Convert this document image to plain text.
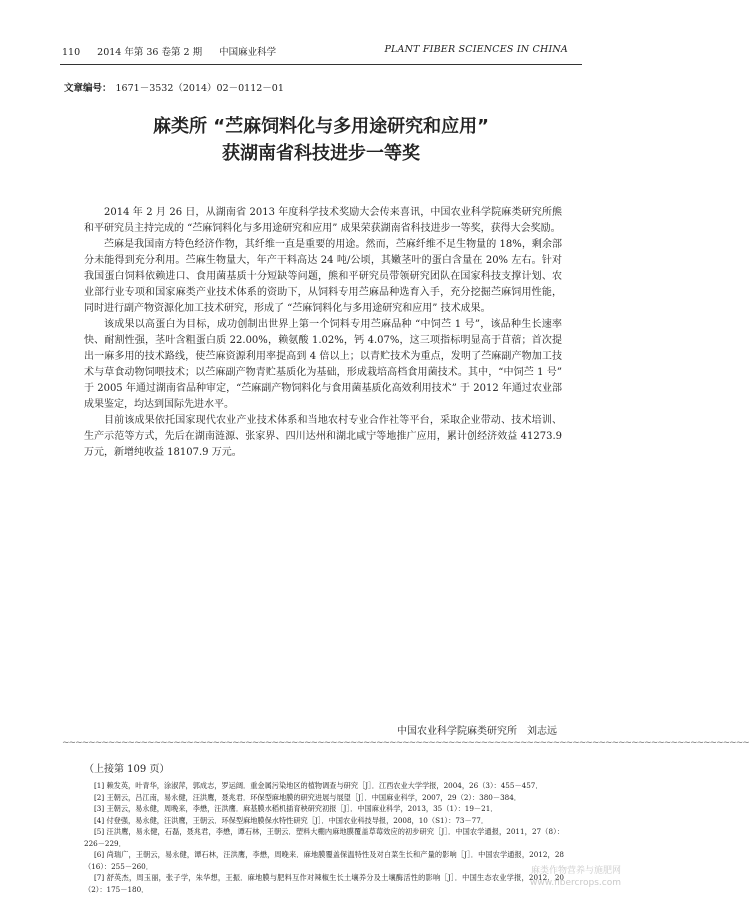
110 2014 年第 36 卷第 2 期 中国麻业科学	PLANT FIBER SCIENCES IN CHINA
文章编号： 1671－3532（2014）02－0112－01
麻类所 “苎麻饲料化与多用途研究和应用”
获湖南省科技进步一等奖

2014 年 2 月 26 日，从湖南省 2013 年度科学技术奖励大会传来喜讯，中国农业科学院麻类研究所熊和平研究员主持完成的 “苎麻饲料化与多用途研究和应用” 成果荣获湖南省科技进步一等奖，获得大会奖励。

苎麻是我国南方特色经济作物，其纤维一直是重要的用途。然而，苎麻纤维不足生物量的 18%，剩余部分未能得到充分利用。苎麻生物量大，年产干料高达 24 吨/公顷，其嫩茎叶的蛋白含量在 20% 左右。针对我国蛋白饲料依赖进口、食用菌基质十分短缺等问题，熊和平研究员带领研究团队在国家科技支撑计划、农业部行业专项和国家麻类产业技术体系的资助下，从饲料专用苎麻品种选育入手，充分挖掘苎麻饲用性能，同时进行副产物资源化加工技术研究，形成了 “苎麻饲料化与多用途研究和应用” 技术成果。

该成果以高蛋白为目标，成功创制出世界上第一个饲料专用苎麻品种 “中饲苎 1 号”，该品种生长速率快、耐割性强，茎叶含粗蛋白质 22.00%，赖氨酸 1.02%，钙 4.07%，这三项指标明显高于苜蓿；首次提出一麻多用的技术路线，使苎麻资源利用率提高到 4 倍以上；以青贮技术为重点，发明了苎麻副产物加工技术与草食动物饲喂技术；以苎麻副产物青贮基质化为基础，形成栽培高档食用菌技术。其中，“中饲苎 1 号” 于 2005 年通过湖南省品种审定，“苎麻副产物饲料化与食用菌基质化高效利用技术” 于 2012 年通过农业部成果鉴定，均达到国际先进水平。

目前该成果依托国家现代农业产业技术体系和当地农村专业合作社等平台，采取企业带动、技术培训、生产示范等方式，先后在湖南涟源、张家界、四川达州和湖北咸宁等地推广应用，累计创经济效益 41273.9 万元，新增纯收益 18107.9 万元。

中国农业科学院麻类研究所　刘志远
~~~~~~~~~~~~~~~~~~~~~~~~~~~~~~~~~~~~~~~~~~~~~~~~~~~~~~~~~~~~~~~~~~~~~~~~~~~~~~~~~~~~~~~~~~~~~~~~~~~~~~~~~
（上接第 109 页）

[1] 赖发英，叶青华，涂淑萍，郭成志，罗运阔．重金属污染地区的植物调查与研究［J］．江西农业大学学报，2004，26（3）：455－457．

[2] 王朝云，吕江南，易永健，汪洪鹰，聂兆君．环保型麻地膜的研究进展与展望［J］．中国麻业科学，2007，29（2）：380－384．

[3] 王朝云，易永健，周晚来，李懋，汪洪鹰．麻基膜水稻机插育秧研究初报［J］．中国麻业科学，2013，35（1）：19－21．

[4] 付登强，易永健，汪洪鹰，王朝云．环保型麻地膜保水特性研究［J］．中国农业科技导报，2008，10（S1）：73－77．

[5] 汪洪鹰，易永健，石磊，聂兆君，李懋，谭石林，王朝云．塑料大棚内麻地膜覆盖草莓效应的初步研究［J］．中国农学通报，2011，27（8）：226－229．

[6] 尚瑞广，王朝云，易永健，谭石林，汪洪鹰，李懋，周晚来．麻地膜覆盖保温特性及对白菜生长和产量的影响［J］．中国农学通报，2012，28（16）：255－260．

[7] 舒英杰，周玉丽，张子学，朱华想，王振．麻地膜与肥料互作对辣椒生长土壤养分及土壤酶活性的影响［J］．中国生态农业学报，2012，20（2）：175－180．

麻类作物营养与施肥网
www.fibercrops.com
